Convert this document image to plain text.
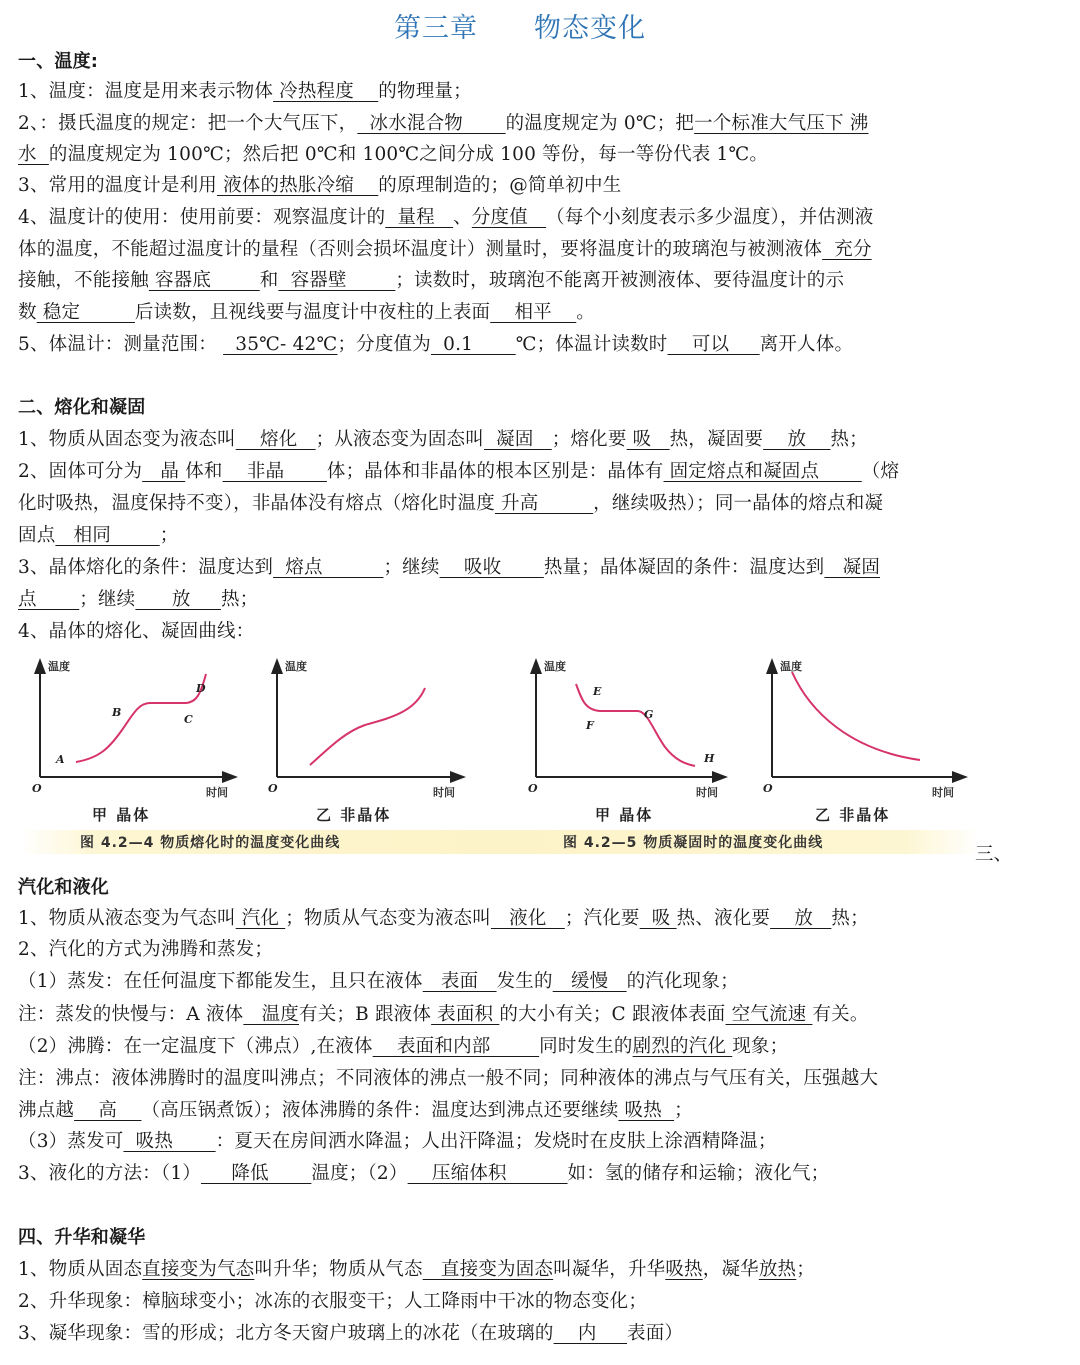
第三章 物态变化
一、温度:
1、温度：温度是用来表示物体 冷热程度    的物理量；
2、：摄氏温度的规定：把一个大气压下，  冰水混合物       的温度规定为 0℃；把一个标准大气压下 沸
水  的温度规定为 100℃；然后把 0℃和 100℃之间分成 100 等份，每一等份代表 1℃。
3、常用的温度计是利用 液体的热胀冷缩    的原理制造的；@简单初中生
4、温度计的使用：使用前要：观察温度计的  量程   、分度值   （每个小刻度表示多少温度），并估测液
体的温度，不能超过温度计的量程（否则会损坏温度计）测量时，要将温度计的玻璃泡与被测液体  充分
接触，不能接触 容器底        和  容器壁        ；读数时，玻璃泡不能离开被测液体、要待温度计的示
数 稳定         后读数，且视线要与温度计中夜柱的上表面    相平    。
5、体温计：测量范围：   35℃- 42℃；分度值为  0.1       ℃；体温计读数时    可以     离开人体。
二、熔化和凝固
1、物质从固态变为液态叫    熔化   ；从液态变为固态叫  凝固   ；熔化要 吸   热，凝固要    放    热；
2、固体可分为   晶 体和    非晶       体；晶体和非晶体的根本区别是：晶体有 固定熔点和凝固点       （熔
化时吸热，温度保持不变），非晶体没有熔点（熔化时温度 升高         ，继续吸热）；同一晶体的熔点和凝
固点   相同        ；
3、晶体熔化的条件：温度达到  熔点          ；继续    吸收       热量；晶体凝固的条件：温度达到   凝固
点       ；继续      放     热；
4、晶体的熔化、凝固曲线：
温度
时间
O
温度
时间
O
温度
时间
O
温度
时间
O
A
B
C
D	E
F
G
H
甲 晶体	乙 非晶体	甲 晶体	乙 非晶体
图 4.2—4 物质熔化时的温度变化曲线	图 4.2—5 物质凝固时的温度变化曲线
三、
汽化和液化
1、物质从液态变为气态叫 汽化 ；物质从气态变为液态叫   液化   ；汽化要  吸 热、液化要    放   热；
2、汽化的方式为沸腾和蒸发；
（1）蒸发：在任何温度下都能发生，且只在液体   表面   发生的   缓慢   的汽化现象；
注：蒸发的快慢与：A 液体   温度有关；B 跟液体 表面积 的大小有关；C 跟液体表面 空气流速 有关。
（2）沸腾：在一定温度下（沸点）,在液体    表面和内部        同时发生的剧烈的汽化 现象；
注：沸点：液体沸腾时的温度叫沸点；不同液体的沸点一般不同；同种液体的沸点与气压有关，压强越大
沸点越    高    （高压锅煮饭）；液体沸腾的条件：温度达到沸点还要继续 吸热  ；
（3）蒸发可  吸热       ：夏天在房间洒水降温；人出汗降温；发烧时在皮肤上涂酒精降温；
3、液化的方法：（1）     降低       温度；（2）    压缩体积          如：氢的储存和运输；液化气；
四、升华和凝华
1、物质从固态直接变为气态叫升华；物质从气态   直接变为固态叫凝华，升华吸热，凝华放热；
2、升华现象：樟脑球变小；冰冻的衣服变干；人工降雨中干冰的物态变化；
3、凝华现象：雪的形成；北方冬天窗户玻璃上的冰花（在玻璃的    内     表面）
